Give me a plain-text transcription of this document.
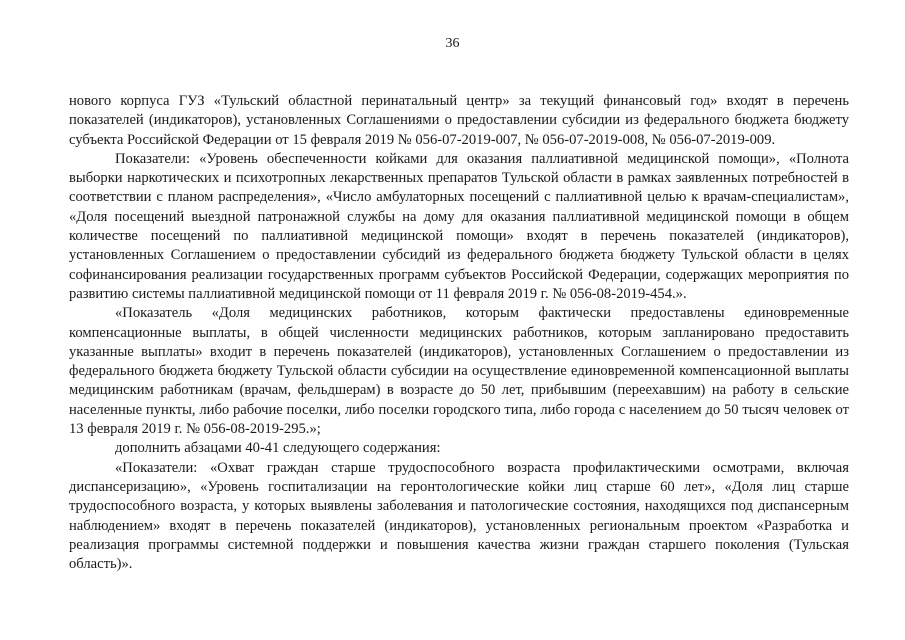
36

нового корпуса ГУЗ «Тульский областной перинатальный центр» за текущий финансовый год» входят в перечень показателей (индикаторов), установленных Соглашениями о предоставлении субсидии из федерального бюджета бюджету субъекта Российской Федерации от 15 февраля 2019 № 056-07-2019-007, № 056-07-2019-008, № 056-07-2019-009.

Показатели: «Уровень обеспеченности койками для оказания паллиативной медицинской помощи», «Полнота выборки наркотических и психотропных лекарственных препаратов Тульской области в рамках заявленных потребностей в соответствии с планом распределения», «Число амбулаторных посещений с паллиативной целью к врачам-специалистам», «Доля посещений выездной патронажной службы на дому для оказания паллиативной медицинской помощи в общем количестве посещений по паллиативной медицинской помощи» входят в перечень показателей (индикаторов), установленных Соглашением о предоставлении субсидий из федерального бюджета бюджету Тульской области в целях софинансирования реализации государственных программ субъектов Российской Федерации, содержащих мероприятия по развитию системы паллиативной медицинской помощи от 11 февраля 2019 г. № 056-08-2019-454.».

«Показатель «Доля медицинских работников, которым фактически предоставлены единовременные компенсационные выплаты, в общей численности медицинских работников, которым запланировано предоставить указанные выплаты» входит в перечень показателей (индикаторов), установленных Соглашением о предоставлении из федерального бюджета бюджету Тульской области субсидии на осуществление единовременной компенсационной выплаты медицинским работникам (врачам, фельдшерам) в возрасте до 50 лет, прибывшим (переехавшим) на работу в сельские населенные пункты, либо рабочие поселки, либо поселки городского типа, либо города с населением до 50 тысяч человек от 13 февраля 2019 г. № 056-08-2019-295.»;

дополнить абзацами 40-41 следующего содержания:

«Показатели: «Охват граждан старше трудоспособного возраста профилактическими осмотрами, включая диспансеризацию», «Уровень госпитализации на геронтологические койки лиц старше 60 лет», «Доля лиц старше трудоспособного возраста, у которых выявлены заболевания и патологические состояния, находящихся под диспансерным наблюдением» входят в перечень показателей (индикаторов), установленных региональным проектом «Разработка и реализация программы системной поддержки и повышения качества жизни граждан старшего поколения (Тульская область)».
